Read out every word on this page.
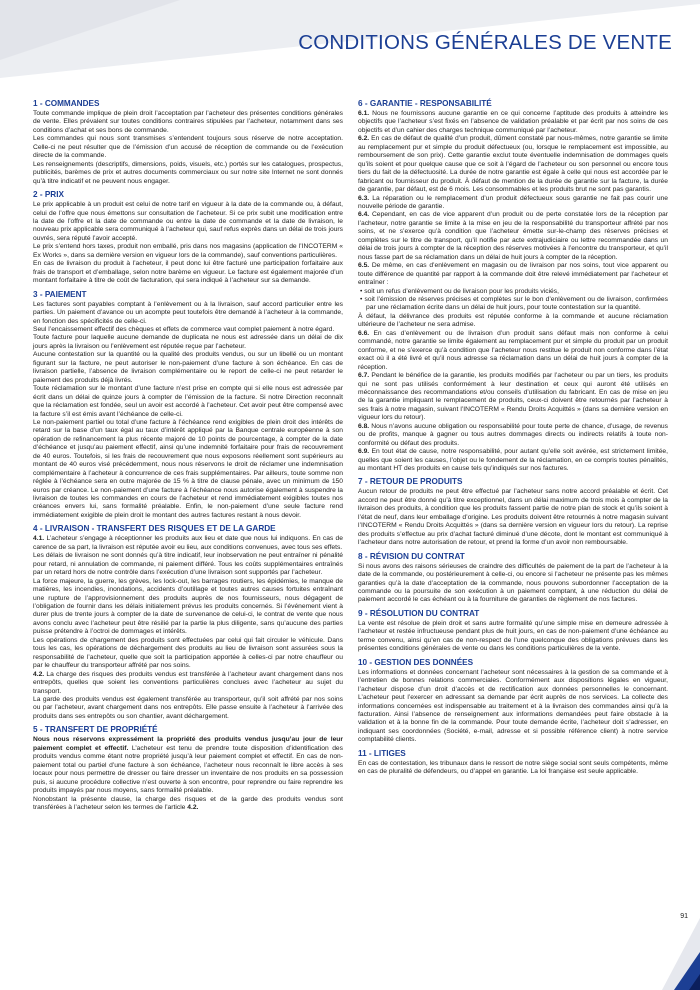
CONDITIONS GÉNÉRALES DE VENTE
1 - COMMANDES

Toute commande implique de plein droit l’acceptation par l’acheteur des présentes conditions générales de vente. Elles prévalent sur toutes conditions contraires stipulées par l’acheteur, notamment dans ses conditions d’achat et ses bons de commande.

Les commandes qui nous sont transmises s’entendent toujours sous réserve de notre acceptation. Celle-ci ne peut résulter que de l’émission d’un accusé de réception de commande ou de l’exécution directe de la commande.

Les renseignements (descriptifs, dimensions, poids, visuels, etc.) portés sur les catalogues, prospectus, publicités, barèmes de prix et autres documents commerciaux ou sur notre site Internet ne sont donnés qu’à titre indicatif et ne peuvent nous engager.

2 - PRIX

Le prix applicable à un produit est celui de notre tarif en vigueur à la date de la commande ou, à défaut, celui de l’offre que nous émettons sur consultation de l’acheteur. Si ce prix subit une modification entre la date de l’offre et la date de commande ou entre la date de commande et la date de livraison, le nouveau prix applicable sera communiqué à l’acheteur qui, sauf refus exprès dans un délai de trois jours ouvrés, sera réputé l’avoir accepté.

Le prix s’entend hors taxes, produit non emballé, pris dans nos magasins (application de l’INCOTERM « Ex Works », dans sa dernière version en vigueur lors de la commande), sauf conventions particulières.

En cas de livraison du produit à l’acheteur, il peut donc lui être facturé une participation forfaitaire aux frais de transport et d’emballage, selon notre barème en vigueur. Le facture est également majorée d’un montant forfaitaire à titre de coût de facturation, qui sera indiqué à l’acheteur sur sa demande.

3 - PAIEMENT

Les factures sont payables comptant à l’enlèvement ou à la livraison, sauf accord particulier entre les parties. Un paiement d’avance ou un acompte peut toutefois être demandé à l’acheteur à la commande, en fonction des spécificités de celle-ci.

Seul l’encaissement effectif des chèques et effets de commerce vaut complet paiement à notre égard.

Toute facture pour laquelle aucune demande de duplicata ne nous est adressée dans un délai de dix jours après la livraison ou l’enlèvement est réputée reçue par l’acheteur.

Aucune contestation sur la quantité ou la qualité des produits vendus, ou sur un libellé ou un montant figurant sur la facture, ne peut autoriser le non-paiement d’une facture à son échéance. En cas de livraison partielle, l’absence de livraison complémentaire ou le report de celle-ci ne peut retarder le paiement des produits déjà livrés.

Toute réclamation sur le montant d’une facture n’est prise en compte qui si elle nous est adressée par écrit dans un délai de quinze jours à compter de l’émission de la facture. Si notre Direction reconnaît que la réclamation est fondée, seul un avoir est accordé à l’acheteur. Cet avoir peut être compensé avec la facture s’il est émis avant l’échéance de celle-ci.

Le non-paiement partiel ou total d’une facture à l’échéance rend exigibles de plein droit des intérêts de retard sur la base d’un taux égal au taux d’intérêt appliqué par la Banque centrale européenne à son opération de refinancement la plus récente majoré de 10 points de pourcentage, à compter de la date d’échéance et jusqu’au paiement effectif, ainsi qu’une indemnité forfaitaire pour frais de recouvrement de 40 euros. Toutefois, si les frais de recouvrement que nous exposons réellement sont supérieurs au montant de 40 euros visé précédemment, nous nous réservons le droit de réclamer une indemnisation complémentaire à l’acheteur à concurrence de ces frais supplémentaires. Par ailleurs, toute somme non réglée à l’échéance sera en outre majorée de 15 % à titre de clause pénale, avec un minimum de 150 euros par créance. Le non-paiement d’une facture à l’échéance nous autorise également à suspendre la livraison de toutes les commandes en cours de l’acheteur et rend immédiatement exigibles toutes nos créances envers lui, sans formalité préalable. Enfin, le non-paiement d’une seule facture rend immédiatement exigible de plein droit le montant des autres factures restant à nous devoir.

4 - LIVRAISON - TRANSFERT DES RISQUES ET DE LA GARDE

4.1. L’acheteur s’engage à réceptionner les produits aux lieu et date que nous lui indiquons. En cas de carence de sa part, la livraison est réputée avoir eu lieu, aux conditions convenues, avec tous ses effets.

Les délais de livraison ne sont donnés qu’à titre indicatif, leur inobservation ne peut entraîner ni pénalité pour retard, ni annulation de commande, ni paiement différé. Tous les coûts supplémentaires entraînés par un retard hors de notre contrôle dans l’exécution d’une livraison sont supportés par l’acheteur.

La force majeure, la guerre, les grèves, les lock-out, les barrages routiers, les épidémies, le manque de matières, les incendies, inondations, accidents d’outillage et toutes autres causes fortuites entraînant une rupture de l’approvisionnement des produits auprès de nos fournisseurs, nous dégagent de l’obligation de fournir dans les délais initialement prévus les produits concernés. Si l’événement vient à durer plus de trente jours à compter de la date de survenance de celui-ci, le contrat de vente que nous avons conclu avec l’acheteur peut être résilié par la partie la plus diligente, sans qu’aucune des parties puisse prétendre à l’octroi de dommages et intérêts.

Les opérations de chargement des produits sont effectuées par celui qui fait circuler le véhicule. Dans tous les cas, les opérations de déchargement des produits au lieu de livraison sont assurées sous la responsabilité de l’acheteur, quelle que soit la participation apportée à celles-ci par notre chauffeur ou par le chauffeur du transporteur affrété par nos soins.

4.2. La charge des risques des produits vendus est transférée à l’acheteur avant chargement dans nos entrepôts, quelles que soient les conventions particulières conclues avec l’acheteur au sujet du transport.

La garde des produits vendus est également transférée au transporteur, qu’il soit affrété par nos soins ou par l’acheteur, avant chargement dans nos entrepôts. Elle passe ensuite à l’acheteur à l’arrivée des produits dans ses entrepôts ou son chantier, avant déchargement.

5 - TRANSFERT DE PROPRIÉTÉ

Nous nous réservons expressément la propriété des produits vendus jusqu’au jour de leur paiement complet et effectif. L’acheteur est tenu de prendre toute disposition d’identification des produits vendus comme étant notre propriété jusqu’à leur paiement complet et effectif. En cas de non-paiement total ou partiel d’une facture à son échéance, l’acheteur nous reconnaît le libre accès à ses locaux pour nous permettre de dresser ou faire dresser un inventaire de nos produits en sa possession puis, si aucune procédure collective n’est ouverte à son encontre, pour reprendre ou faire reprendre les produits impayés par nous moyens, sans formalité préalable.

Nonobstant la présente clause, la charge des risques et de la garde des produits vendus sont transférées à l’acheteur selon les termes de l’article 4.2.

6 - GARANTIE - RESPONSABILITÉ

6.1. Nous ne fournissons aucune garantie en ce qui concerne l’aptitude des produits à atteindre les objectifs que l’acheteur s’est fixés en l’absence de validation préalable et par écrit par nos soins de ces objectifs et d’un cahier des charges technique communiqué par l’acheteur.

6.2. En cas de défaut de qualité d’un produit, dûment constaté par nous-mêmes, notre garantie se limite au remplacement pur et simple du produit défectueux (ou, lorsque le remplacement est impossible, au remboursement de son prix). Cette garantie exclut toute éventuelle indemnisation de dommages quels qu’ils soient et pour quelque cause que ce soit à l’égard de l’acheteur ou son personnel ou encore tous tiers du fait de la défectuosité. La durée de notre garantie est égale à celle qui nous est accordée par le fabricant ou fournisseur du produit. À défaut de mention de la durée de garantie sur la facture, la durée de garantie, par défaut, est de 6 mois. Les consommables et les produits brut ne sont pas garantis.

6.3. La réparation ou le remplacement d’un produit défectueux sous garantie ne fait pas courir une nouvelle période de garantie.

6.4. Cependant, en cas de vice apparent d’un produit ou de perte constatée lors de la réception par l’acheteur, notre garantie se limite à la mise en jeu de la responsabilité du transporteur affrété par nos soins, et ne s’exerce qu’à condition que l’acheteur émette sur-le-champ des réserves précises et complètes sur le titre de transport, qu’il notifie par acte extrajudiciaire ou lettre recommandée dans un délai de trois jours à compter de la réception des réserves motivées à l’encontre du transporteur, et qu’il nous fasse part de sa réclamation dans un délai de huit jours à compter de la réception.

6.5. De même, en cas d’enlèvement en magasin ou de livraison par nos soins, tout vice apparent ou toute différence de quantité par rapport à la commande doit être relevé immédiatement par l’acheteur et entraîner :

• soit un refus d’enlèvement ou de livraison pour les produits viciés,

• soit l’émission de réserves précises et complètes sur le bon d’enlèvement ou de livraison, confirmées par une réclamation écrite dans un délai de huit jours, pour toute contestation sur la quantité.

À défaut, la délivrance des produits est réputée conforme à la commande et aucune réclamation ultérieure de l’acheteur ne sera admise.

6.6. En cas d’enlèvement ou de livraison d’un produit sans défaut mais non conforme à celui commandé, notre garantie se limite également au remplacement pur et simple du produit par un produit conforme, et ne s’exerce qu’à condition que l’acheteur nous restitue le produit non conforme dans l’état exact où il a été livré et qu’il nous adresse sa réclamation dans un délai de huit jours à compter de la réception.

6.7. Pendant le bénéfice de la garantie, les produits modifiés par l’acheteur ou par un tiers, les produits qui ne sont pas utilisés conformément à leur destination et ceux qui auront été utilisés en méconnaissance des recommandations et/ou conseils d’utilisation du fabricant. En cas de mise en jeu de la garantie impliquant le remplacement de produits, ceux-ci doivent être retournés par l’acheteur à ses frais à notre magasin, suivant l’INCOTERM « Rendu Droits Acquittés » (dans sa dernière version en vigueur lors du retour).

6.8. Nous n’avons aucune obligation ou responsabilité pour toute perte de chance, d’usage, de revenus ou de profits, manque à gagner ou tous autres dommages directs ou indirects relatifs à toute non-conformité ou défaut des produits.

6.9. En tout état de cause, notre responsabilité, pour autant qu’elle soit avérée, est strictement limitée, quelles que soient les causes, l’objet ou le fondement de la réclamation, en ce compris toutes pénalités, au montant HT des produits en cause tels qu’indiqués sur nos factures.

7 - RETOUR DE PRODUITS

Aucun retour de produits ne peut être effectué par l’acheteur sans notre accord préalable et écrit. Cet accord ne peut être donné qu’à titre exceptionnel, dans un délai maximum de trois mois à compter de la livraison des produits, à condition que les produits fassent partie de notre plan de stock et qu’ils soient à l’état de neuf, dans leur emballage d’origine. Les produits doivent être retournés à notre magasin suivant l’INCOTERM « Rendu Droits Acquittés » (dans sa dernière version en vigueur lors du retour). La reprise des produits s’effectue au prix d’achat facturé diminué d’une décote, dont le montant est communiqué à l’acheteur dans notre autorisation de retour, et prend la forme d’un avoir non remboursable.

8 - RÉVISION DU CONTRAT

Si nous avons des raisons sérieuses de craindre des difficultés de paiement de la part de l’acheteur à la date de la commande, ou postérieurement à celle-ci, ou encore si l’acheteur ne présente pas les mêmes garanties qu’à la date d’acceptation de la commande, nous pouvons subordonner l’acceptation de la commande ou la poursuite de son exécution à un paiement comptant, à une réduction du délai de paiement accordé le cas échéant ou à la fourniture de garanties de règlement de nos factures.

9 - RÉSOLUTION DU CONTRAT

La vente est résolue de plein droit et sans autre formalité qu’une simple mise en demeure adressée à l’acheteur et restée infructueuse pendant plus de huit jours, en cas de non-paiement d’une échéance au terme convenu, ainsi qu’en cas de non-respect de l’une quelconque des obligations prévues dans les présentes conditions générales de vente ou dans les conditions particulières de la vente.

10 - GESTION DES DONNÉES

Les informations et données concernant l’acheteur sont nécessaires à la gestion de sa commande et à l’entretien de bonnes relations commerciales. Conformément aux dispositions légales en vigueur, l’acheteur dispose d’un droit d’accès et de rectification aux données personnelles le concernant. L’acheteur peut l’exercer en adressant sa demande par écrit auprès de nos services. La collecte des informations concernées est indispensable au traitement et à la livraison des commandes ainsi qu’à la facturation. Ainsi l’absence de renseignement aux informations demandées peut faire obstacle à la validation et à la bonne fin de la commande. Pour toute demande écrite, l’acheteur doit s’adresser, en indiquant ses coordonnées (Société, e-mail, adresse et si possible référence client) à notre service comptabilité clients.

11 - LITIGES

En cas de contestation, les tribunaux dans le ressort de notre siège social sont seuls compétents, même en cas de pluralité de défendeurs, ou d’appel en garantie. La loi française est seule applicable.

91
